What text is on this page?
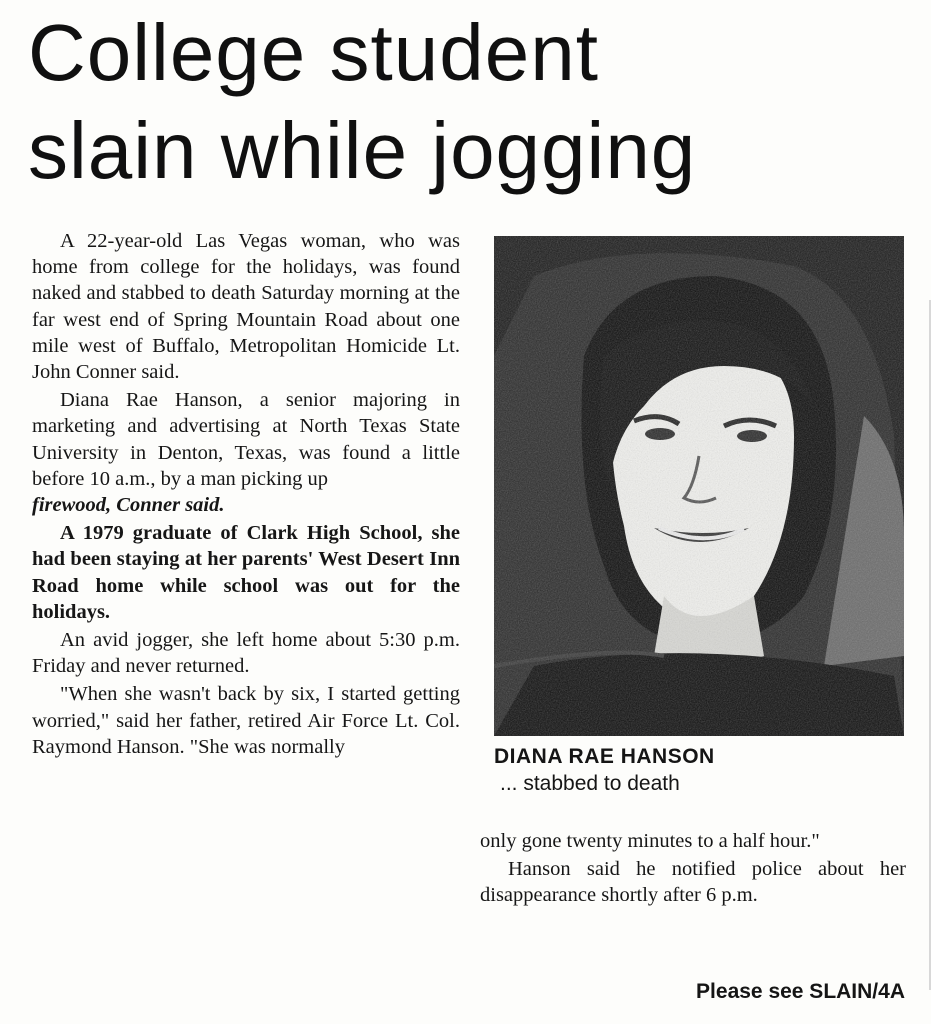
College student
slain while jogging

A 22-year-old Las Vegas woman, who was home from college for the holidays, was found naked and stabbed to death Saturday morning at the far west end of Spring Mountain Road about one mile west of Buffalo, Metropolitan Homicide Lt. John Conner said.

Diana Rae Hanson, a senior majoring in marketing and advertising at North Texas State University in Denton, Texas, was found a little before 10 a.m., by a man picking up

firewood, Conner said.

A 1979 graduate of Clark High School, she had been staying at her parents' West Desert Inn Road home while school was out for the holidays.

An avid jogger, she left home about 5:30 p.m. Friday and never returned.

"When she wasn't back by six, I started getting worried," said her father, retired Air Force Lt. Col. Raymond Hanson. "She was normally	DIANA RAE HANSON
... stabbed to death

only gone twenty minutes to a half hour."

Hanson said he notified police about her disappearance shortly after 6 p.m.

Please see SLAIN/4A
